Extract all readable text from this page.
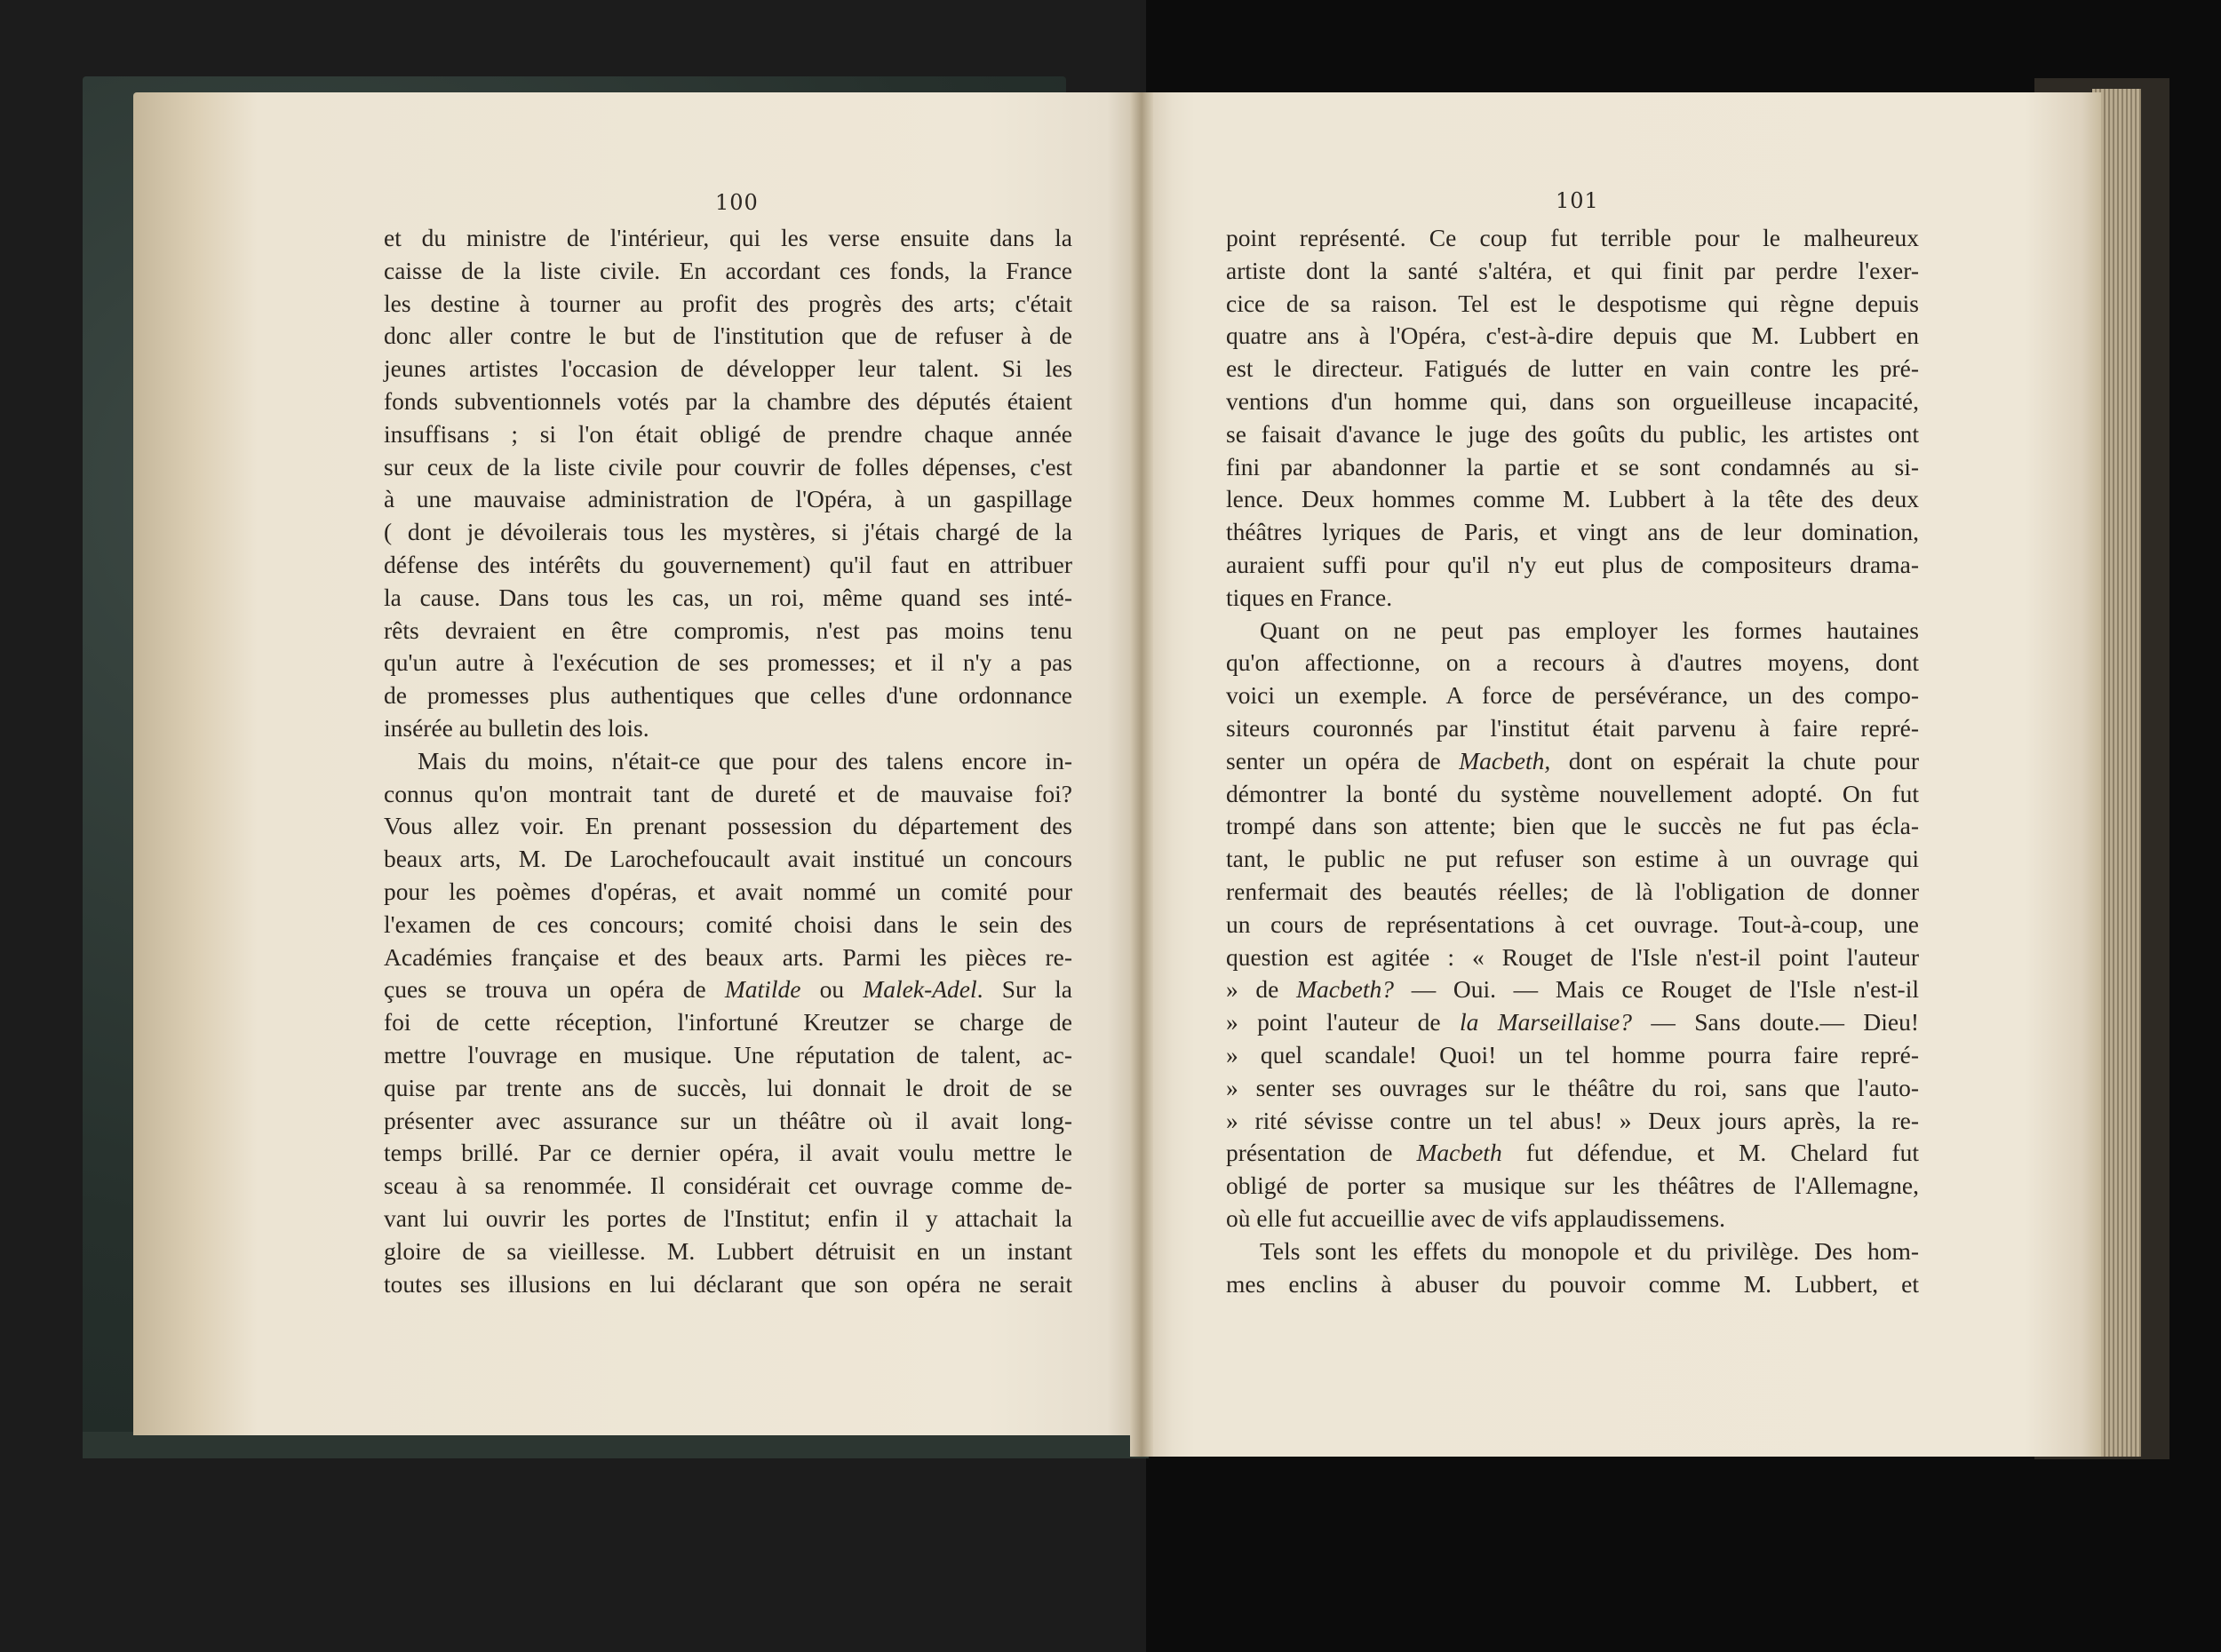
100	101
et du ministre de l'intérieur, qui les verse ensuite dans la
caisse de la liste civile. En accordant ces fonds, la France
les destine à tourner au profit des progrès des arts; c'était
donc aller contre le but de l'institution que de refuser à de
jeunes artistes l'occasion de développer leur talent. Si les
fonds subventionnels votés par la chambre des députés étaient
insuffisans ; si l'on était obligé de prendre chaque année
sur ceux de la liste civile pour couvrir de folles dépenses, c'est
à une mauvaise administration de l'Opéra, à un gaspillage
( dont je dévoilerais tous les mystères, si j'étais chargé de la
défense des intérêts du gouvernement) qu'il faut en attribuer
la cause. Dans tous les cas, un roi, même quand ses inté-
rêts devraient en être compromis, n'est pas moins tenu
qu'un autre à l'exécution de ses promesses; et il n'y a pas
de promesses plus authentiques que celles d'une ordonnance
insérée au bulletin des lois.
Mais du moins, n'était-ce que pour des talens encore in-
connus qu'on montrait tant de dureté et de mauvaise foi?
Vous allez voir. En prenant possession du département des
beaux arts, M. De Larochefoucault avait institué un concours
pour les poèmes d'opéras, et avait nommé un comité pour
l'examen de ces concours; comité choisi dans le sein des
Académies française et des beaux arts. Parmi les pièces re-
çues se trouva un opéra de Matilde ou Malek-Adel. Sur la
foi de cette réception, l'infortuné Kreutzer se charge de
mettre l'ouvrage en musique. Une réputation de talent, ac-
quise par trente ans de succès, lui donnait le droit de se
présenter avec assurance sur un théâtre où il avait long-
temps brillé. Par ce dernier opéra, il avait voulu mettre le
sceau à sa renommée. Il considérait cet ouvrage comme de-
vant lui ouvrir les portes de l'Institut; enfin il y attachait la
gloire de sa vieillesse. M. Lubbert détruisit en un instant
toutes ses illusions en lui déclarant que son opéra ne serait
point représenté. Ce coup fut terrible pour le malheureux
artiste dont la santé s'altéra, et qui finit par perdre l'exer-
cice de sa raison. Tel est le despotisme qui règne depuis
quatre ans à l'Opéra, c'est-à-dire depuis que M. Lubbert en
est le directeur. Fatigués de lutter en vain contre les pré-
ventions d'un homme qui, dans son orgueilleuse incapacité,
se faisait d'avance le juge des goûts du public, les artistes ont
fini par abandonner la partie et se sont condamnés au si-
lence. Deux hommes comme M. Lubbert à la tête des deux
théâtres lyriques de Paris, et vingt ans de leur domination,
auraient suffi pour qu'il n'y eut plus de compositeurs drama-
tiques en France.
Quant on ne peut pas employer les formes hautaines
qu'on affectionne, on a recours à d'autres moyens, dont
voici un exemple. A force de persévérance, un des compo-
siteurs couronnés par l'institut était parvenu à faire repré-
senter un opéra de Macbeth, dont on espérait la chute pour
démontrer la bonté du système nouvellement adopté. On fut
trompé dans son attente; bien que le succès ne fut pas écla-
tant, le public ne put refuser son estime à un ouvrage qui
renfermait des beautés réelles; de là l'obligation de donner
un cours de représentations à cet ouvrage. Tout-à-coup, une
question est agitée : « Rouget de l'Isle n'est-il point l'auteur
» de Macbeth? — Oui. — Mais ce Rouget de l'Isle n'est-il
» point l'auteur de la Marseillaise? — Sans doute.— Dieu!
» quel scandale! Quoi! un tel homme pourra faire repré-
» senter ses ouvrages sur le théâtre du roi, sans que l'auto-
» rité sévisse contre un tel abus! » Deux jours après, la re-
présentation de Macbeth fut défendue, et M. Chelard fut
obligé de porter sa musique sur les théâtres de l'Allemagne,
où elle fut accueillie avec de vifs applaudissemens.
Tels sont les effets du monopole et du privilège. Des hom-
mes enclins à abuser du pouvoir comme M. Lubbert, et
